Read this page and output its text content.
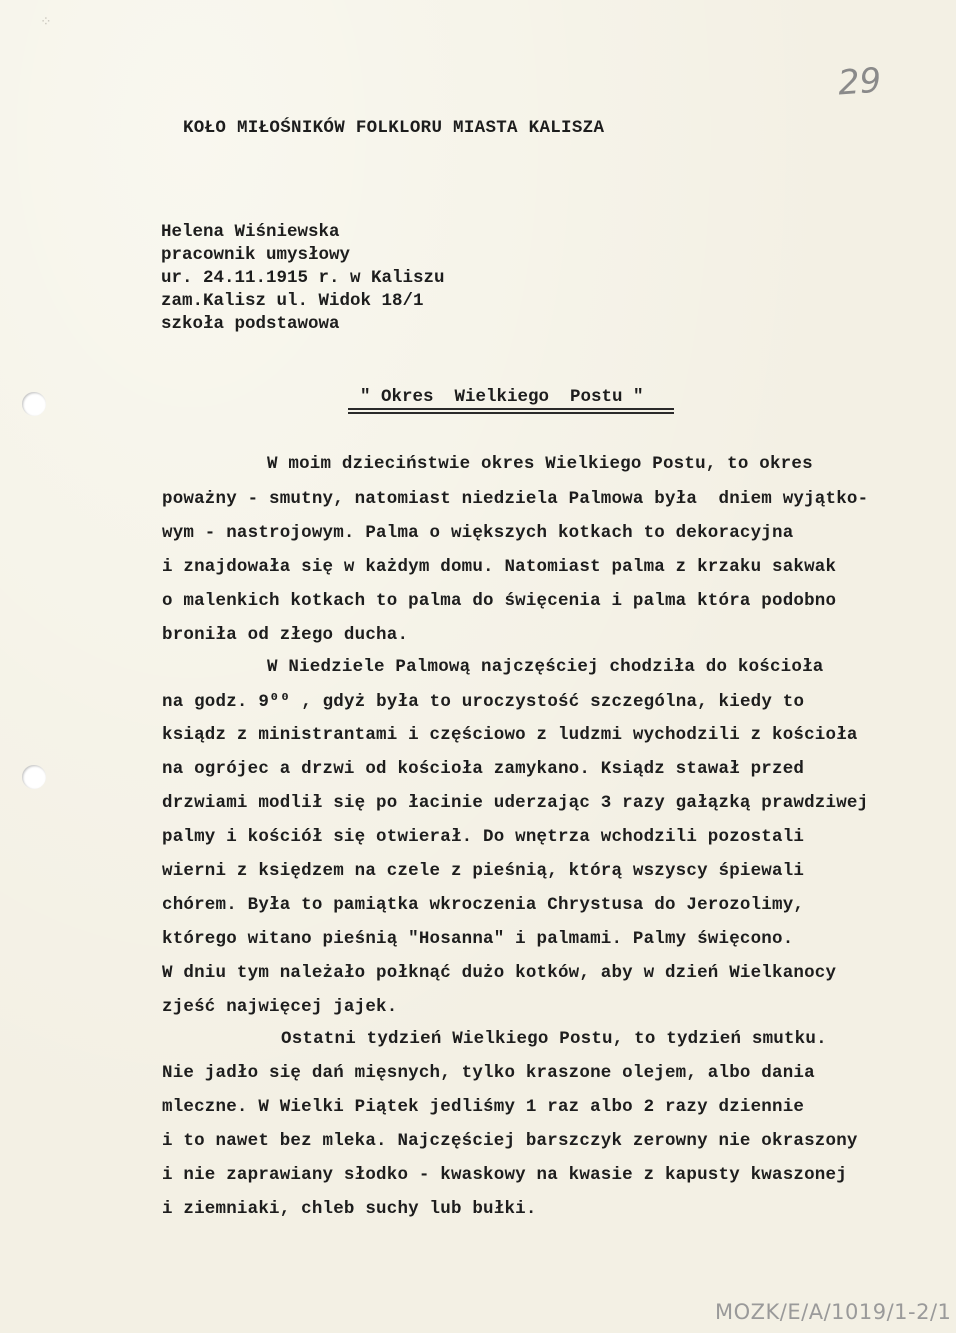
⁘
29
KOŁO MIŁOŚNIKÓW FOLKLORU MIASTA KALISZA
Helena Wiśniewska
pracownik umysłowy
ur. 24.11.1915 r. w Kaliszu
zam.Kalisz ul. Widok 18/1
szkoła podstawowa
" Okres  Wielkiego  Postu "
W moim dzieciństwie okres Wielkiego Postu, to okres
poważny - smutny, natomiast niedziela Palmowa była  dniem wyjątko-
wym - nastrojowym. Palma o większych kotkach to dekoracyjna
i znajdowała się w każdym domu. Natomiast palma z krzaku sakwak
o malenkich kotkach to palma do święcenia i palma która podobno
broniła od złego ducha.
W Niedziele Palmową najczęściej chodziła do kościoła
na godz. 9⁰⁰ , gdyż była to uroczystość szczególna, kiedy to
ksiądz z ministrantami i częściowo z ludzmi wychodzili z kościoła
na ogrójec a drzwi od kościoła zamykano. Ksiądz stawał przed
drzwiami modlił się po łacinie uderzając 3 razy gałązką prawdziwej
palmy i kościół się otwierał. Do wnętrza wchodzili pozostali
wierni z księdzem na czele z pieśnią, którą wszyscy śpiewali
chórem. Była to pamiątka wkroczenia Chrystusa do Jerozolimy,
którego witano pieśnią "Hosanna" i palmami. Palmy święcono.
W dniu tym należało połknąć dużo kotków, aby w dzień Wielkanocy
zjeść najwięcej jajek.
Ostatni tydzień Wielkiego Postu, to tydzień smutku.
Nie jadło się dań mięsnych, tylko kraszone olejem, albo dania
mleczne. W Wielki Piątek jedliśmy 1 raz albo 2 razy dziennie
i to nawet bez mleka. Najczęściej barszczyk zerowny nie okraszony
i nie zaprawiany słodko - kwaskowy na kwasie z kapusty kwaszonej
i ziemniaki, chleb suchy lub bułki.
MOZK/E/A/1019/1-2/1
